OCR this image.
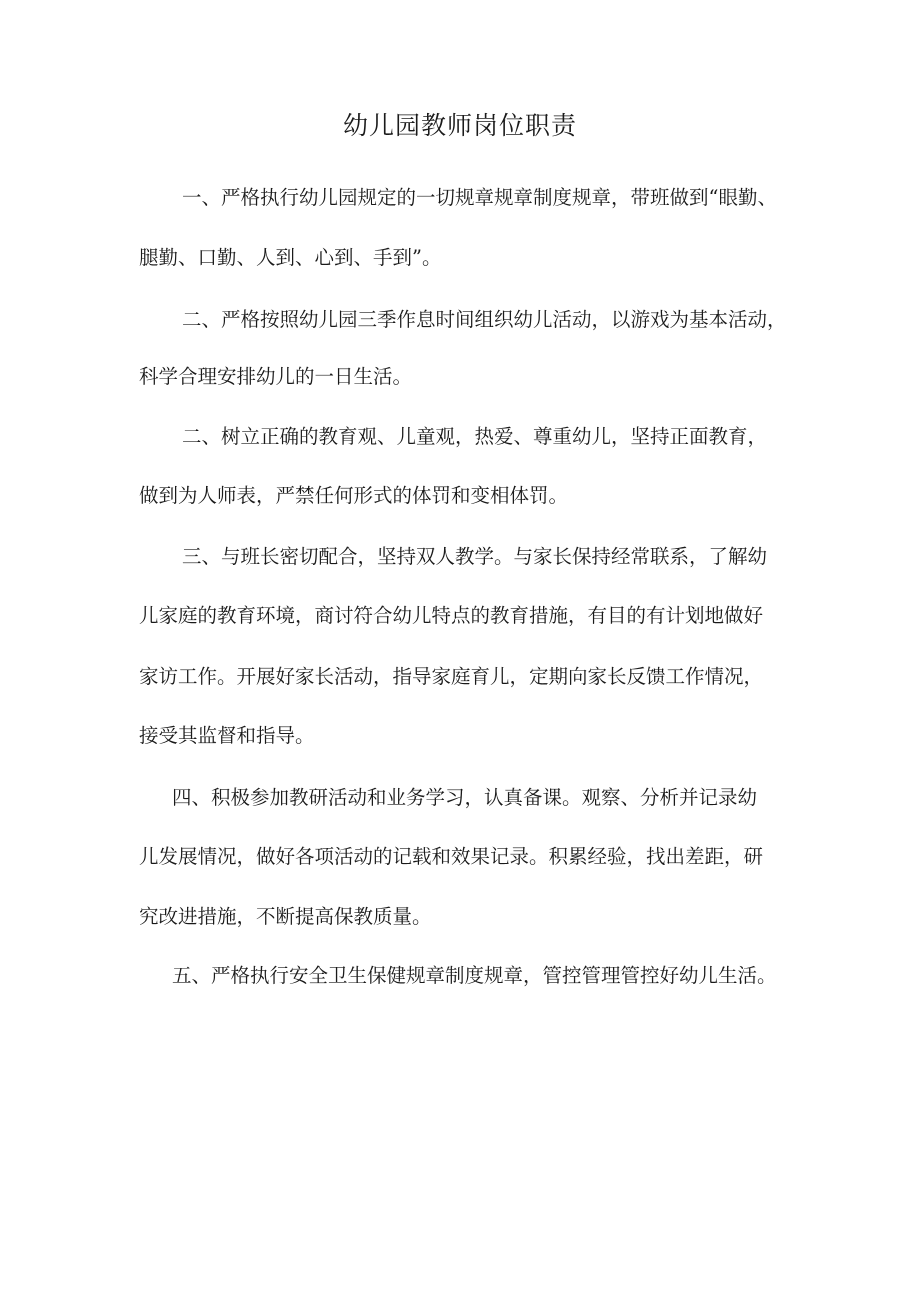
幼儿园教师岗位职责
一、严格执行幼儿园规定的一切规章规章制度规章，带班做到“眼勤、
腿勤、口勤、人到、心到、手到”。
二、严格按照幼儿园三季作息时间组织幼儿活动，以游戏为基本活动，
科学合理安排幼儿的一日生活。
二、树立正确的教育观、儿童观，热爱、尊重幼儿，坚持正面教育，
做到为人师表，严禁任何形式的体罚和变相体罚。
三、与班长密切配合，坚持双人教学。与家长保持经常联系，了解幼
儿家庭的教育环境，商讨符合幼儿特点的教育措施，有目的有计划地做好
家访工作。开展好家长活动，指导家庭育儿，定期向家长反馈工作情况，
接受其监督和指导。
四、积极参加教研活动和业务学习，认真备课。观察、分析并记录幼
儿发展情况，做好各项活动的记载和效果记录。积累经验，找出差距，研
究改进措施，不断提高保教质量。
五、严格执行安全卫生保健规章制度规章，管控管理管控好幼儿生活。
